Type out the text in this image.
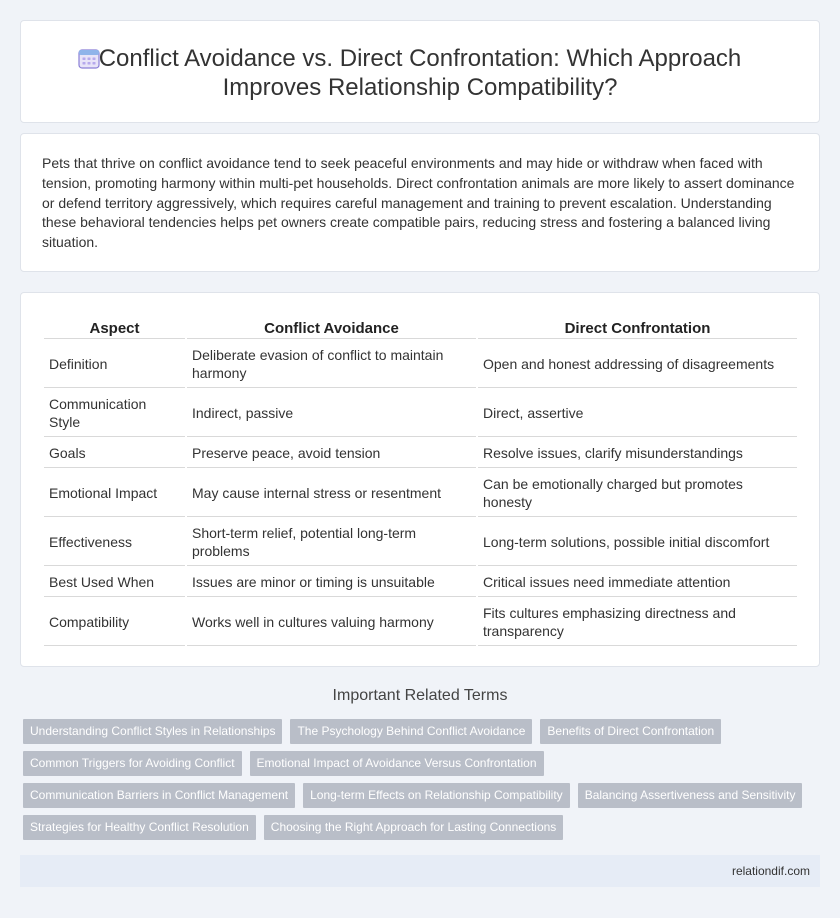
Conflict Avoidance vs. Direct Confrontation: Which Approach Improves Relationship Compatibility?

Pets that thrive on conflict avoidance tend to seek peaceful environments and may hide or withdraw when faced with tension, promoting harmony within multi-pet households. Direct confrontation animals are more likely to assert dominance or defend territory aggressively, which requires careful management and training to prevent escalation. Understanding these behavioral tendencies helps pet owners create compatible pairs, reducing stress and fostering a balanced living situation.

Aspect	Conflict Avoidance	Direct Confrontation
Definition	Deliberate evasion of conflict to maintain harmony	Open and honest addressing of disagreements
Communication Style	Indirect, passive	Direct, assertive
Goals	Preserve peace, avoid tension	Resolve issues, clarify misunderstandings
Emotional Impact	May cause internal stress or resentment	Can be emotionally charged but promotes honesty
Effectiveness	Short-term relief, potential long-term problems	Long-term solutions, possible initial discomfort
Best Used When	Issues are minor or timing is unsuitable	Critical issues need immediate attention
Compatibility	Works well in cultures valuing harmony	Fits cultures emphasizing directness and transparency
Important Related Terms
Understanding Conflict Styles in Relationships	The Psychology Behind Conflict Avoidance	Benefits of Direct Confrontation
Common Triggers for Avoiding Conflict	Emotional Impact of Avoidance Versus Confrontation
Communication Barriers in Conflict Management	Long-term Effects on Relationship Compatibility	Balancing Assertiveness and Sensitivity
Strategies for Healthy Conflict Resolution	Choosing the Right Approach for Lasting Connections
relationdif.com
